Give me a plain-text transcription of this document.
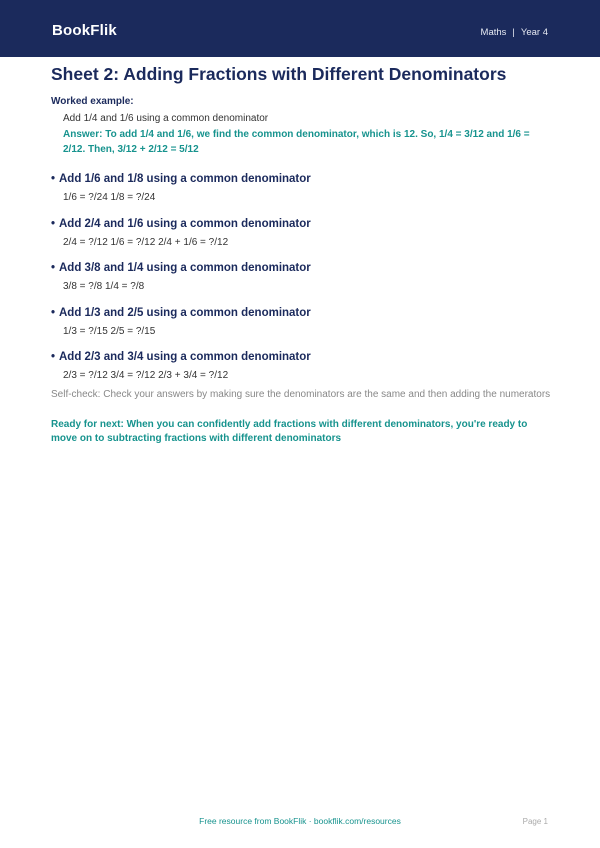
BookFlik	Maths | Year 4
Sheet 2: Adding Fractions with Different Denominators
Worked example:
Add 1/4 and 1/6 using a common denominator
Answer: To add 1/4 and 1/6, we find the common denominator, which is 12. So, 1/4 = 3/12 and 1/6 = 2/12. Then, 3/12 + 2/12 = 5/12
• Add 1/6 and 1/8 using a common denominator
1/6 = ?/24 1/8 = ?/24
• Add 2/4 and 1/6 using a common denominator
2/4 = ?/12 1/6 = ?/12 2/4 + 1/6 = ?/12
• Add 3/8 and 1/4 using a common denominator
3/8 = ?/8 1/4 = ?/8
• Add 1/3 and 2/5 using a common denominator
1/3 = ?/15 2/5 = ?/15
• Add 2/3 and 3/4 using a common denominator
2/3 = ?/12 3/4 = ?/12 2/3 + 3/4 = ?/12
Self-check: Check your answers by making sure the denominators are the same and then adding the numerators
Ready for next: When you can confidently add fractions with different denominators, you're ready to move on to subtracting fractions with different denominators
Free resource from BookFlik · bookflik.com/resources	Page 1
